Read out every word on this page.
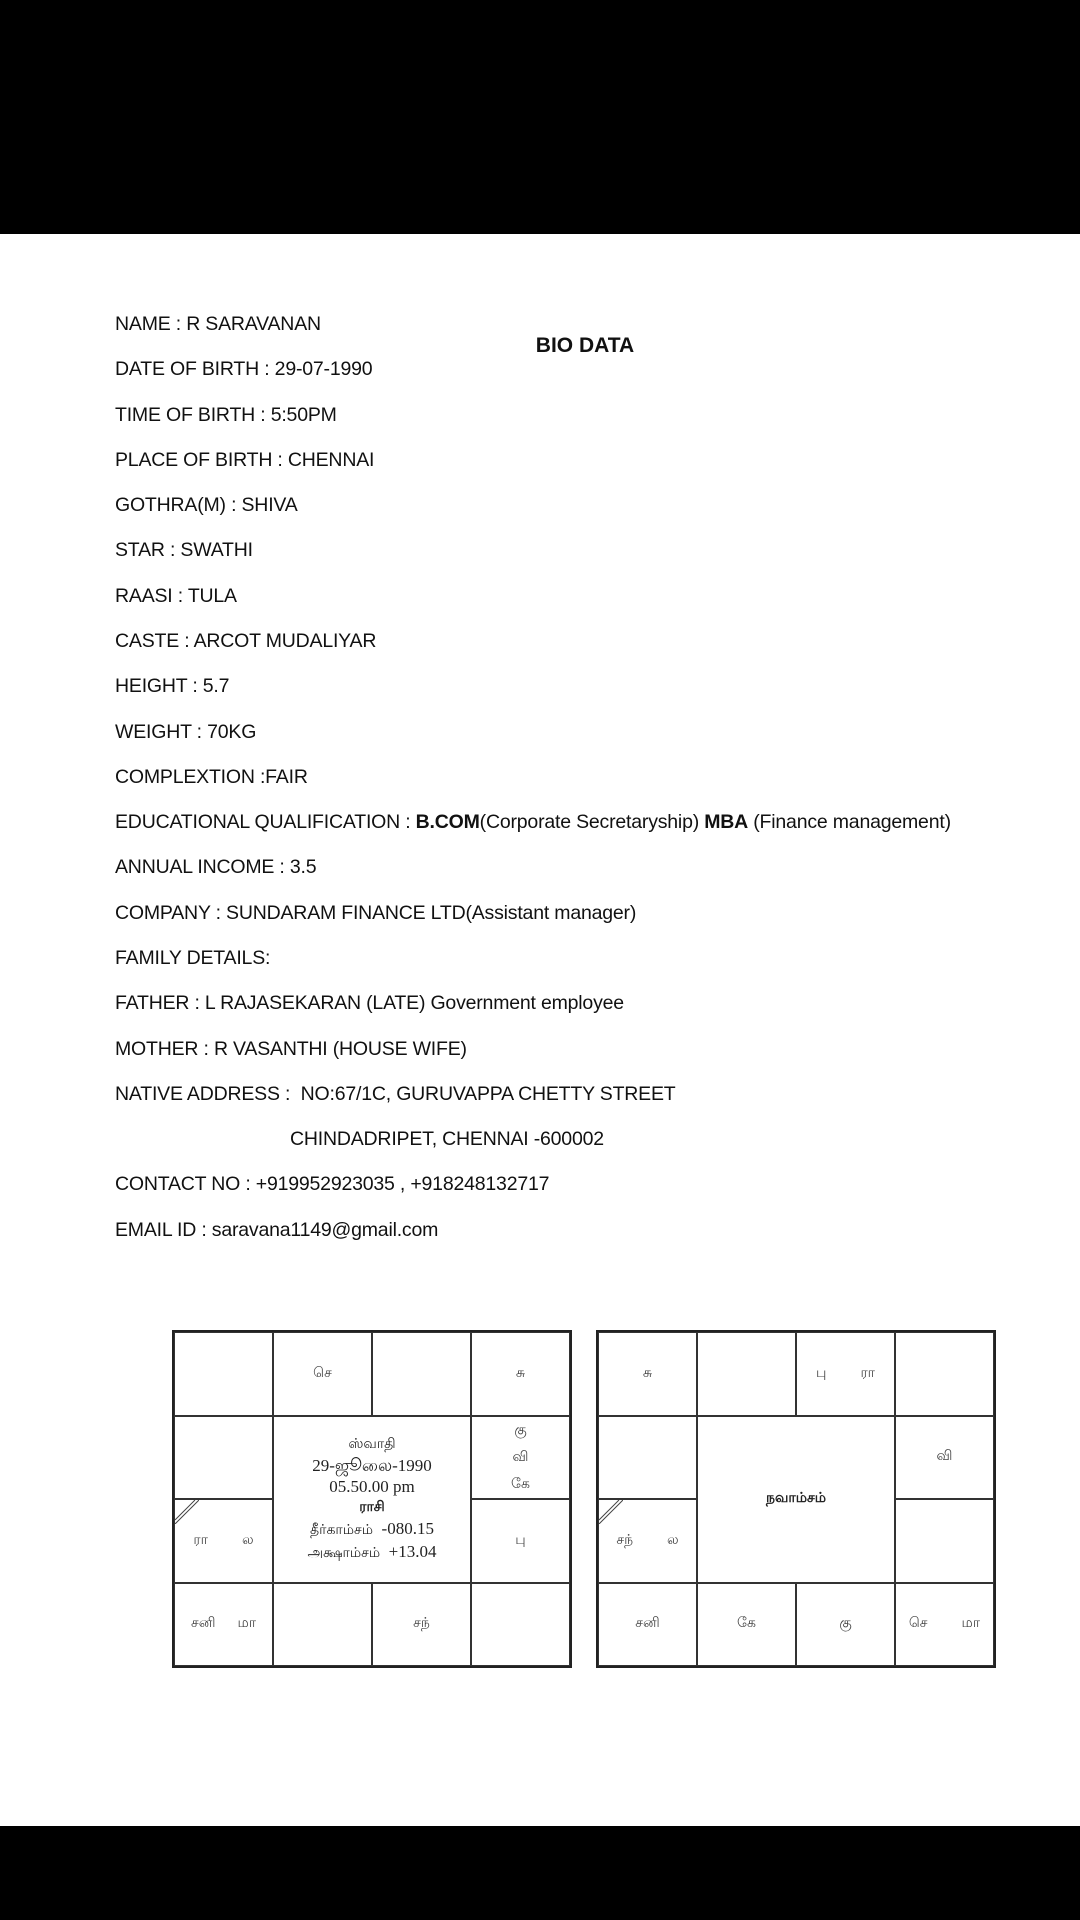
BIO DATA
NAME : R SARAVANAN
DATE OF BIRTH : 29-07-1990
TIME OF BIRTH : 5:50PM
PLACE OF BIRTH : CHENNAI
GOTHRA(M) : SHIVA
STAR : SWATHI
RAASI : TULA
CASTE : ARCOT MUDALIYAR
HEIGHT : 5.7
WEIGHT : 70KG
COMPLEXTION :FAIR
EDUCATIONAL QUALIFICATION : B.COM(Corporate Secretaryship) MBA (Finance management)
ANNUAL INCOME : 3.5
COMPANY : SUNDARAM FINANCE LTD(Assistant manager)
FAMILY DETAILS:
FATHER : L RAJASEKARAN (LATE) Government employee
MOTHER : R VASANTHI (HOUSE WIFE)
NATIVE ADDRESS :  NO:67/1C, GURUVAPPA CHETTY STREET
CHINDADRIPET, CHENNAI -600002
CONTACT NO : +919952923035 , +918248132717
EMAIL ID : saravana1149@gmail.com
செ	சு
ஸ்வாதி
29-ஜூலை-1990
05.50.00 pm
ராசி
தீர்காம்சம் -080.15
அக்ஷாம்சம் +13.04
கு
வி
கே
ரா ல	பு
சனி மா	சந்
சு	பு ரா
நவாம்சம்
வி
சந் ல
சனி	கே	கு	செ மா
